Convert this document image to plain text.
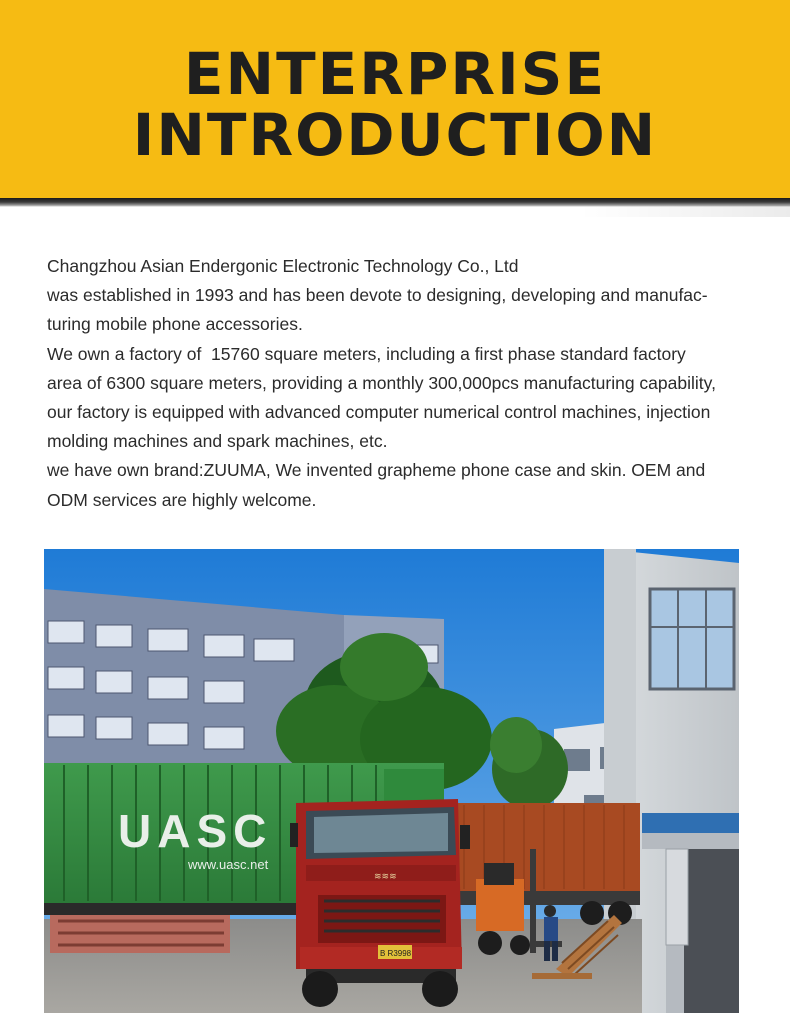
ENTERPRISE
INTRODUCTION

Changzhou Asian Endergonic Electronic Technology Co., Ltd

was established in 1993 and has been devote to designing, developing and manufac-

turing mobile phone accessories.

We own a factory of  15760 square meters, including a first phase standard factory

area of 6300 square meters, providing a monthly 300,000pcs manufacturing capability,

our factory is equipped with advanced computer numerical control machines, injection

molding machines and spark machines, etc.

we have own brand:ZUUMA, We invented grapheme phone case and skin. OEM and

ODM services are highly welcome.

UASC
www.uasc.net
≋≋≋
B R3998
